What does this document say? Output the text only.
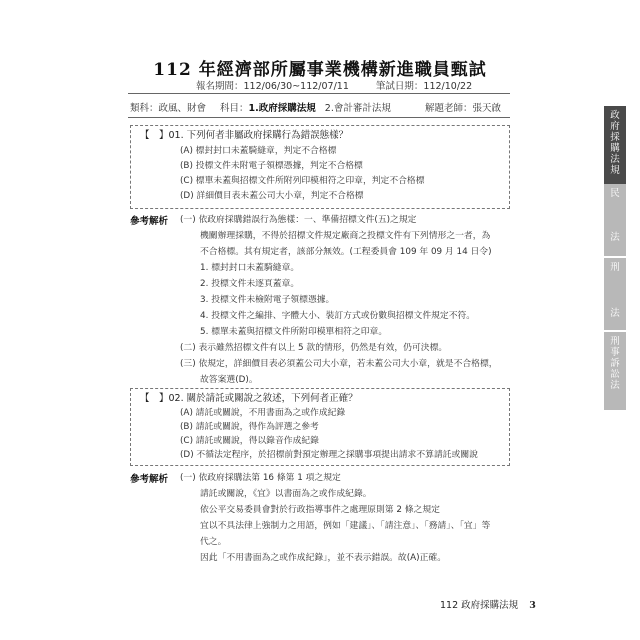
112 年經濟部所屬事業機構新進職員甄試
報名期間：112/06/30~112/07/11	筆試日期：112/10/22
類科：政風、財會 科目：1.政府採購法規 2.會計審計法規	解題老師：張天啟
【　】01. 下列何者非屬政府採購行為錯誤態樣？
(A) 標封封口未蓋騎縫章，判定不合格標
(B) 投標文件未附電子領標憑據，判定不合格標
(C) 標單未蓋與招標文件所附列印模相符之印章，判定不合格標
(D) 詳細價目表未蓋公司大小章，判定不合格標
參考解析 (一) 依政府採購錯誤行為態樣：一、準備招標文件(五)之規定
機關辦理採購，不得於招標文件規定廠商之投標文件有下列情形之一者，為
不合格標。其有規定者，該部分無效。(工程委員會 109 年 09 月 14 日令)
1. 標封封口未蓋騎縫章。
2. 投標文件未逐頁蓋章。
3. 投標文件未檢附電子領標憑據。
4. 投標文件之編排、字體大小、裝訂方式或份數與招標文件規定不符。
5. 標單未蓋與招標文件所附印模單相符之印章。
(二) 表示雖然招標文件有以上 5 款的情形，仍然是有效，仍可決標。
(三) 依規定，詳細價目表必須蓋公司大小章，若未蓋公司大小章，就是不合格標，
故答案選(D)。
【　】02. 關於請託或關說之敘述，下列何者正確？
(A) 請託或關說，不用書面為之或作成紀錄
(B) 請託或關說，得作為評選之參考
(C) 請託或關說，得以錄音作成紀錄
(D) 不循法定程序，於招標前對預定辦理之採購事項提出請求不算請託或關說
參考解析 (一) 依政府採購法第 16 條第 1 項之規定
請託或關說，《宜》以書面為之或作成紀錄。
依公平交易委員會對於行政指導事件之處理原則第 2 條之規定
宜以不具法律上強制力之用語，例如「建議」、「請注意」、「務請」、「宜」等
代之。
因此「不用書面為之或作成紀錄」，並不表示錯誤。故(A)正確。
政府採購法規
民
法
刑
法
刑事訴訟法
112 政府採購法規 3
